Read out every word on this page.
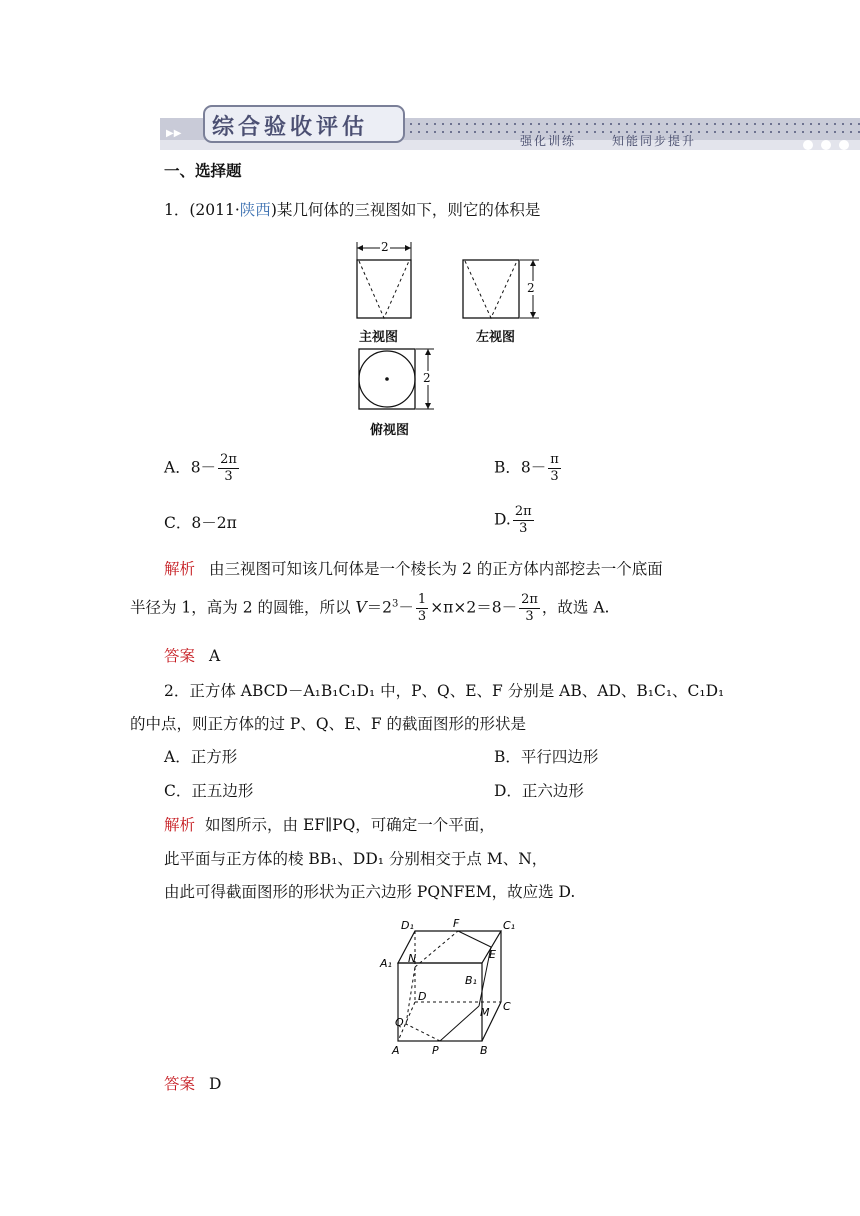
▶▶ 综合验收评估
强化训练	知能同步提升
一、选择题
1．(2011·陕西)某几何体的三视图如下，则它的体积是
2
2
2
主视图	左视图
俯视图
A．$8- \frac{2\pi}{3}$	B．$8- \frac{\pi}{3}$
C．8－2π	D. $\frac{2\pi}{3}$
解析 由三视图可知该几何体是一个棱长为 2 的正方体内部挖去一个底面
半径为 1，高为 2 的圆锥，所以 $V=2^3- \frac{1}{3} \times\pi\times 2=8- \frac{2\pi}{3}$ ，故选 A.
答案 A
2．正方体 ABCD－A₁B₁C₁D₁ 中，P、Q、E、F 分别是 AB、AD、B₁C₁、C₁D₁
的中点，则正方体的过 P、Q、E、F 的截面图形的形状是
A．正方形	B．平行四边形
C．正五边形	D．正六边形
解析 如图所示，由 EF∥PQ，可确定一个平面，
此平面与正方体的棱 BB₁、DD₁ 分别相交于点 M、N，
由此可得截面图形的形状为正六边形 PQNFEM，故应选 D.
D₁	F	C₁
A₁ N
B₁
E
D
C
Q
M
A	P	B
答案 D
